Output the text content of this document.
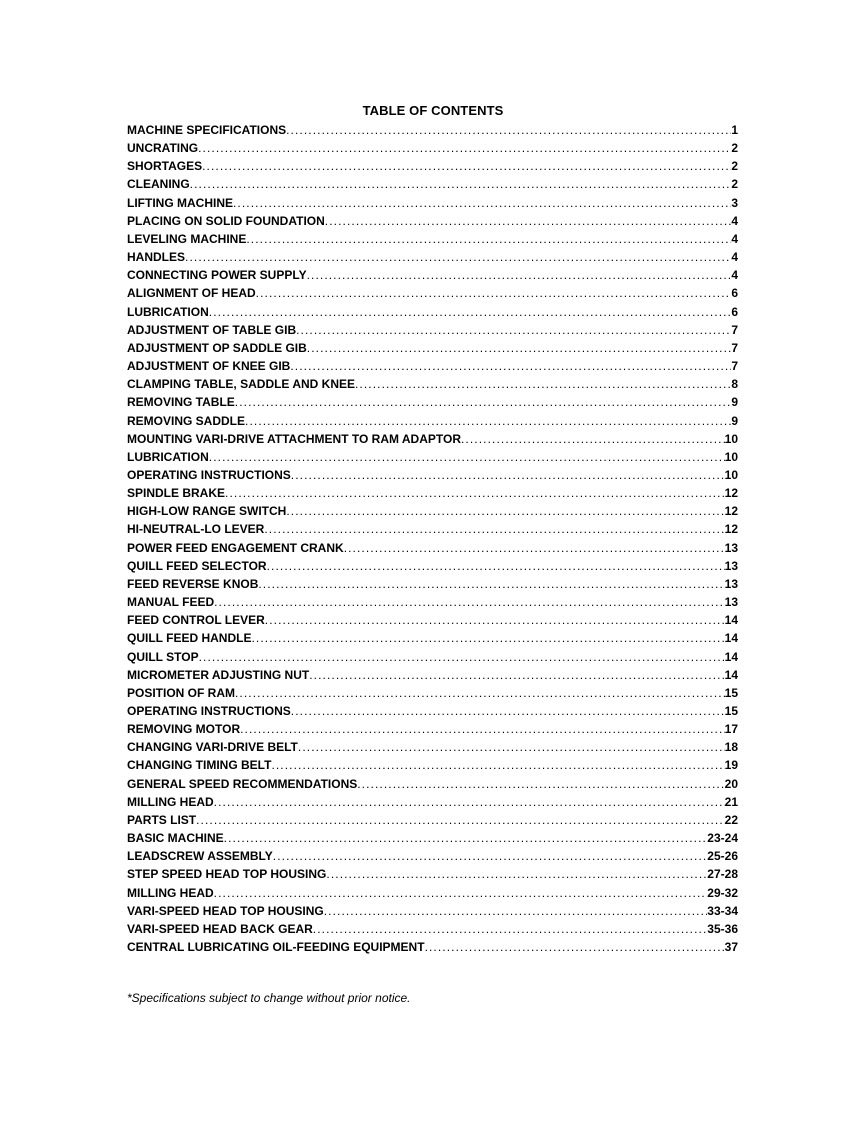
TABLE OF CONTENTS
MACHINE SPECIFICATIONS .....	1
UNCRATING .....	2
SHORTAGES .....	2
CLEANING .....	2
LIFTING MACHINE .....	3
PLACING ON SOLID FOUNDATION .....	4
LEVELING MACHINE .....	4
HANDLES .....	4
CONNECTING POWER SUPPLY .....	4
ALIGNMENT OF HEAD .....	6
LUBRICATION .....	6
ADJUSTMENT OF TABLE GIB .....	7
ADJUSTMENT OP SADDLE GIB .....	7
ADJUSTMENT OF KNEE GIB .....	7
CLAMPING TABLE, SADDLE AND KNEE .....	8
REMOVING TABLE .....	9
REMOVING SADDLE .....	9
MOUNTING VARI-DRIVE ATTACHMENT TO RAM ADAPTOR .....	10
LUBRICATION .....	10
OPERATING INSTRUCTIONS .....	10
SPINDLE BRAKE .....	12
HIGH-LOW RANGE SWITCH .....	12
HI-NEUTRAL-LO LEVER .....	12
POWER FEED ENGAGEMENT CRANK .....	13
QUILL FEED SELECTOR .....	13
FEED REVERSE KNOB .....	13
MANUAL FEED .....	13
FEED CONTROL LEVER .....	14
QUILL FEED HANDLE .....	14
QUILL STOP .....	14
MICROMETER ADJUSTING NUT .....	14
POSITION OF RAM .....	15
OPERATING INSTRUCTIONS .....	15
REMOVING MOTOR .....	17
CHANGING VARI-DRIVE BELT .....	18
CHANGING TIMING BELT .....	19
GENERAL SPEED RECOMMENDATIONS .....	20
MILLING HEAD .....	21
PARTS LIST .....	22
BASIC MACHINE .....	23-24
LEADSCREW ASSEMBLY .....	25-26
STEP SPEED HEAD TOP HOUSING .....	27-28
MILLING HEAD .....	29-32
VARI-SPEED HEAD TOP HOUSING .....	33-34
VARI-SPEED HEAD BACK GEAR .....	35-36
CENTRAL LUBRICATING OIL-FEEDING EQUIPMENT .....	37
*Specifications subject to change without prior notice.
